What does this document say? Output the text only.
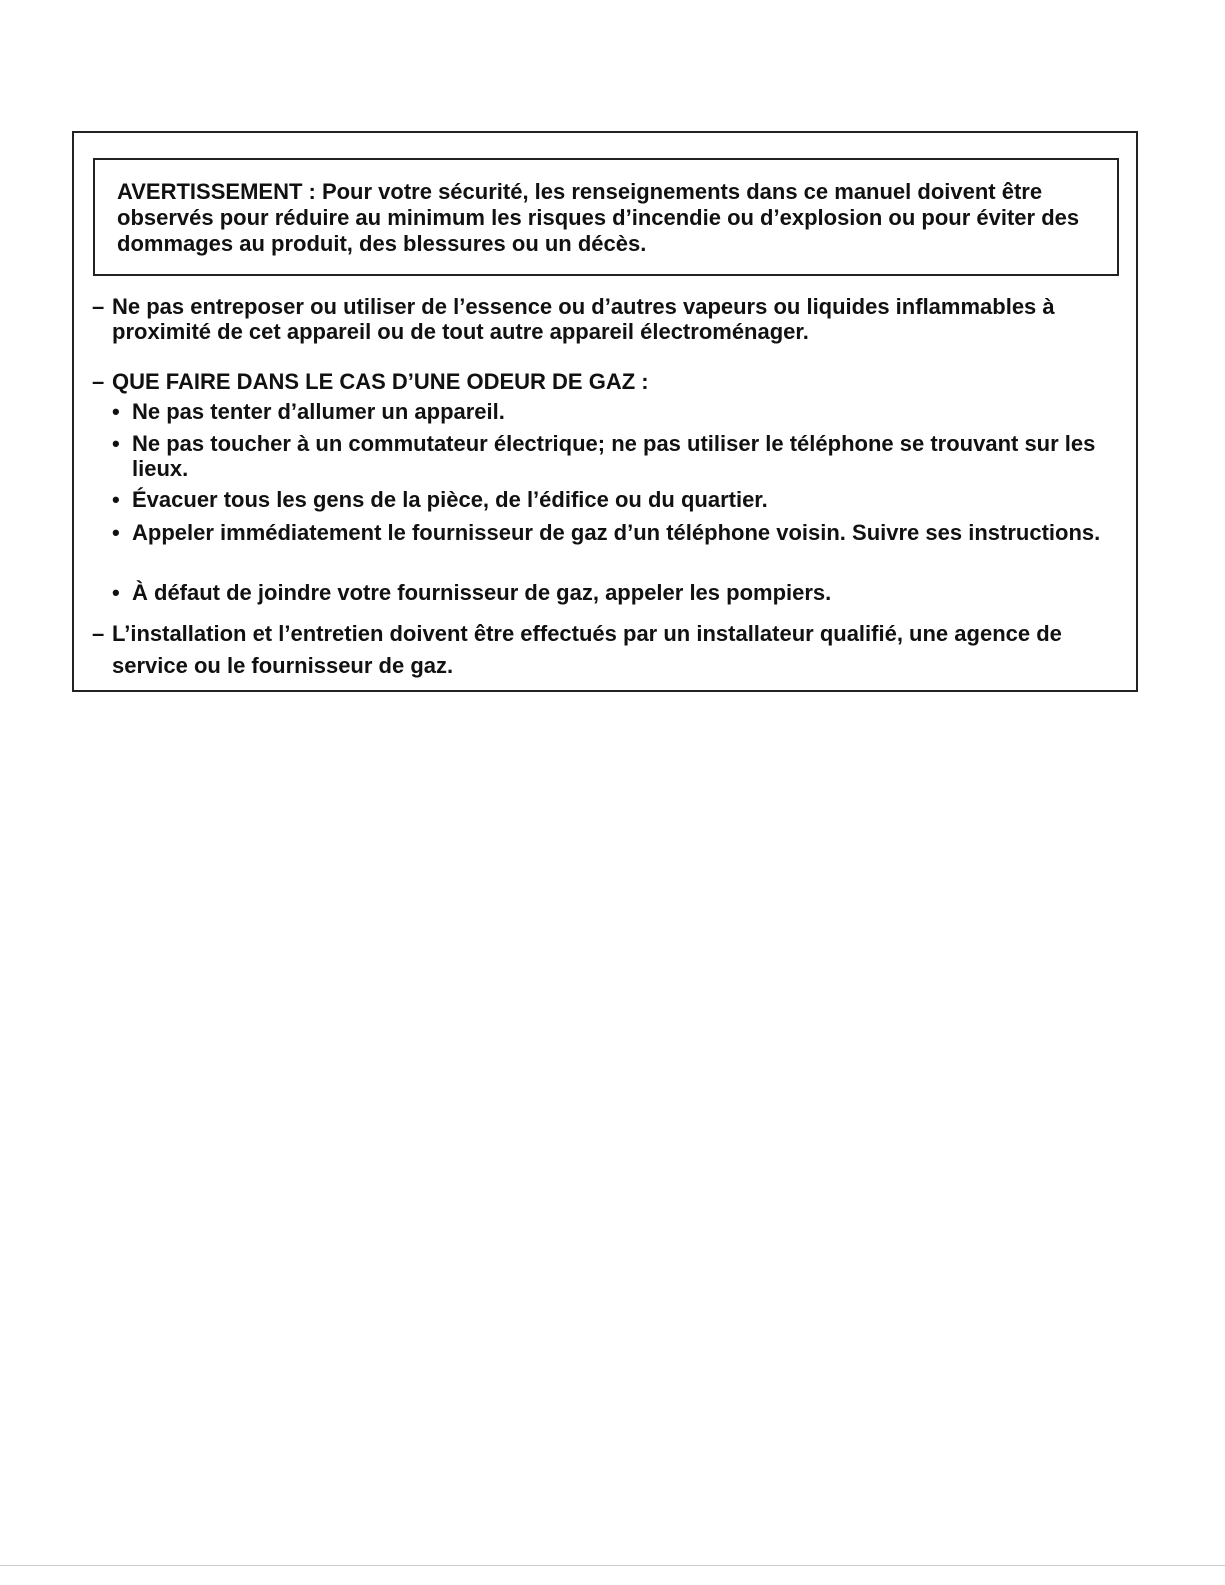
AVERTISSEMENT : Pour votre sécurité, les renseignements dans ce manuel doivent être observés pour réduire au minimum les risques d’incendie ou d’explosion ou pour éviter des dommages au produit, des blessures ou un décès.

– Ne pas entreposer ou utiliser de l’essence ou d’autres vapeurs ou liquides inflammables à proximité de cet appareil ou de tout autre appareil électroménager.

– QUE FAIRE DANS LE CAS D’UNE ODEUR DE GAZ :

• Ne pas tenter d’allumer un appareil.

• Ne pas toucher à un commutateur électrique; ne pas utiliser le téléphone se trouvant sur les lieux.

• Évacuer tous les gens de la pièce, de l’édifice ou du quartier.

• Appeler immédiatement le fournisseur de gaz d’un téléphone voisin. Suivre ses instructions.

• À défaut de joindre votre fournisseur de gaz, appeler les pompiers.

– L’installation et l’entretien doivent être effectués par un installateur qualifié, une agence de service ou le fournisseur de gaz.
